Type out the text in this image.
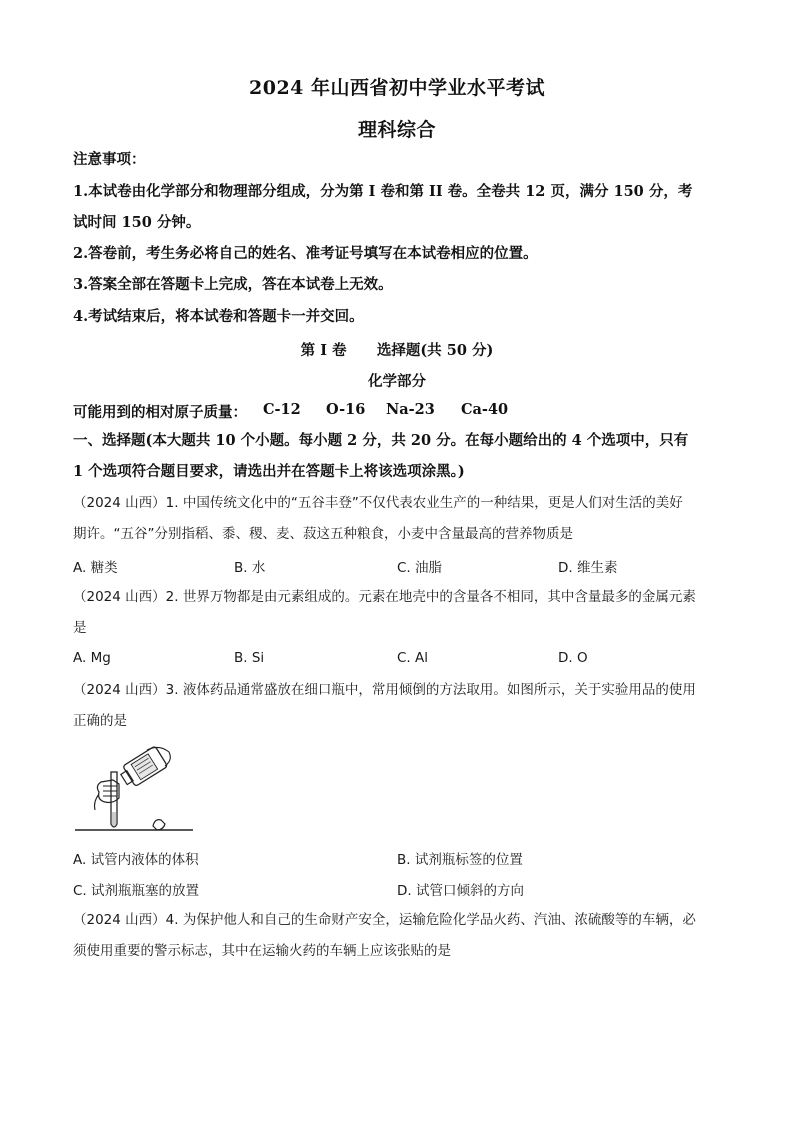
2024 年山西省初中学业水平考试
理科综合
注意事项：
1.本试卷由化学部分和物理部分组成，分为第 I 卷和第 II 卷。全卷共 12 页，满分 150 分，考
试时间 150 分钟。
2.答卷前，考生务必将自己的姓名、准考证号填写在本试卷相应的位置。
3.答案全部在答题卡上完成，答在本试卷上无效。
4.考试结束后，将本试卷和答题卡一并交回。
第 I 卷      选择题(共 50 分)
化学部分
可能用到的相对原子质量： C-12 O-16 Na-23 Ca-40
一、选择题(本大题共 10 个小题。每小题 2 分，共 20 分。在每小题给出的 4 个选项中，只有
1 个选项符合题目要求，请选出并在答题卡上将该选项涂黑。)
（2024 山西）1. 中国传统文化中的“五谷丰登”不仅代表农业生产的一种结果，更是人们对生活的美好
期许。“五谷”分别指稻、黍、稷、麦、菽这五种粮食，小麦中含量最高的营养物质是
A. 糖类	B. 水	C. 油脂	D. 维生素
（2024 山西）2. 世界万物都是由元素组成的。元素在地壳中的含量各不相同，其中含量最多的金属元素
是
A. Mg	B. Si	C. Al	D. O
（2024 山西）3. 液体药品通常盛放在细口瓶中，常用倾倒的方法取用。如图所示，关于实验用品的使用
正确的是
A. 试管内液体的体积	B. 试剂瓶标签的位置
C. 试剂瓶瓶塞的放置	D. 试管口倾斜的方向
（2024 山西）4. 为保护他人和自己的生命财产安全，运输危险化学品火药、汽油、浓硫酸等的车辆，必
须使用重要的警示标志，其中在运输火药的车辆上应该张贴的是
